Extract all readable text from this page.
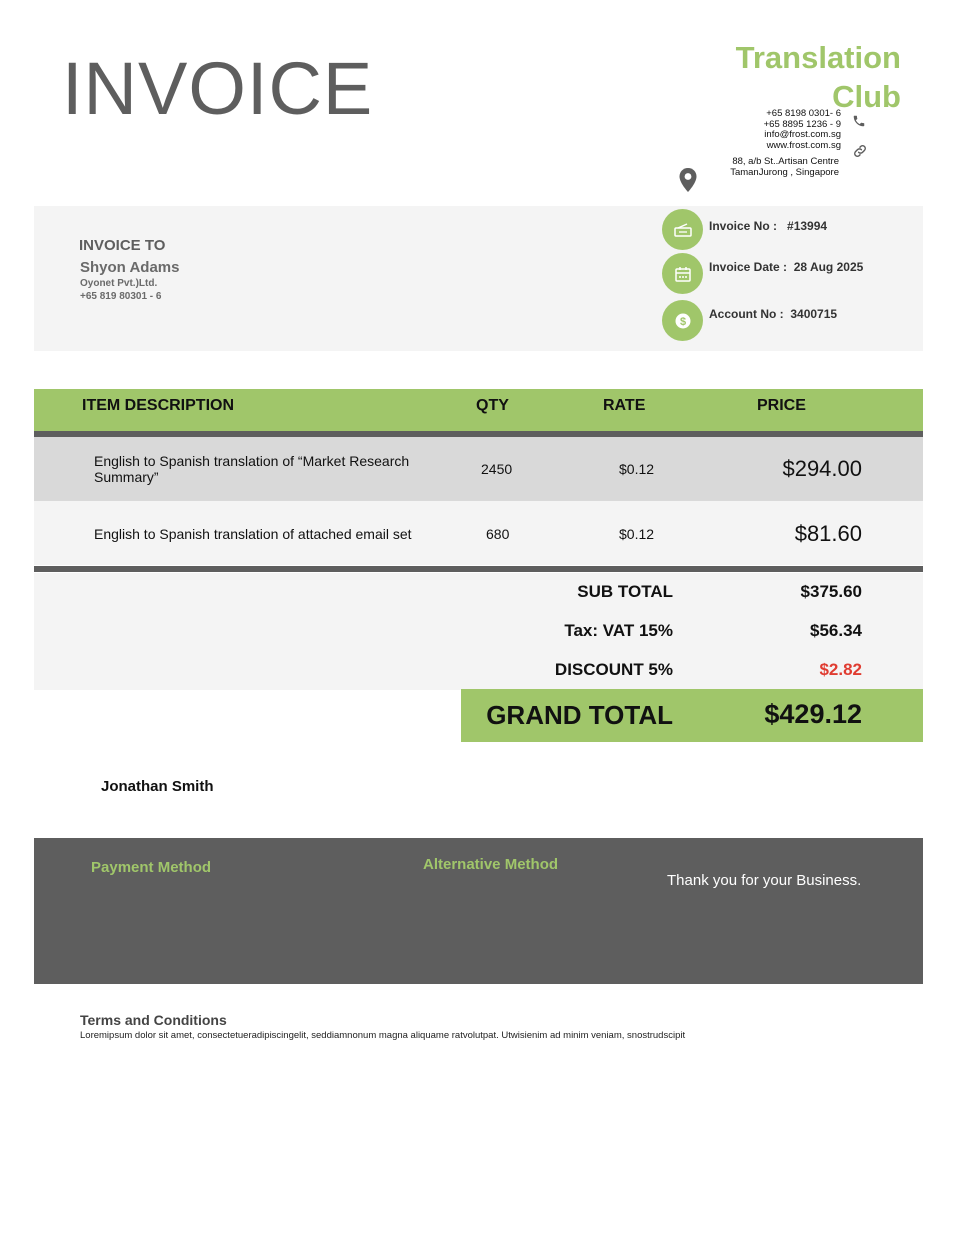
INVOICE	Translation
Club
+65 8198 0301- 6
+65 8895 1236 - 9
info@frost.com.sg
www.frost.com.sg
88, a/b St..Artisan Centre
TamanJurong , Singapore
INVOICE TO
Shyon Adams
Oyonet Pvt.)Ltd.
+65 819 80301 - 6
$
Invoice No : #13994
Invoice Date : 28 Aug 2025
Account No : 3400715
ITEM DESCRIPTION	QTY	RATE	PRICE
English to Spanish translation of “Market Research
Summary”	2450	$0.12	$294.00
English to Spanish translation of attached email set	680	$0.12	$81.60
SUB TOTAL	$375.60
Tax: VAT 15%	$56.34
DISCOUNT 5%	$2.82
GRAND TOTAL	$429.12
Jonathan Smith
Payment Method	Alternative Method
Thank you for your Business.
Terms and Conditions
Loremipsum dolor sit amet, consectetueradipiscingelit, seddiamnonum magna aliquame ratvolutpat. Utwisienim ad minim veniam, snostrudscipit
